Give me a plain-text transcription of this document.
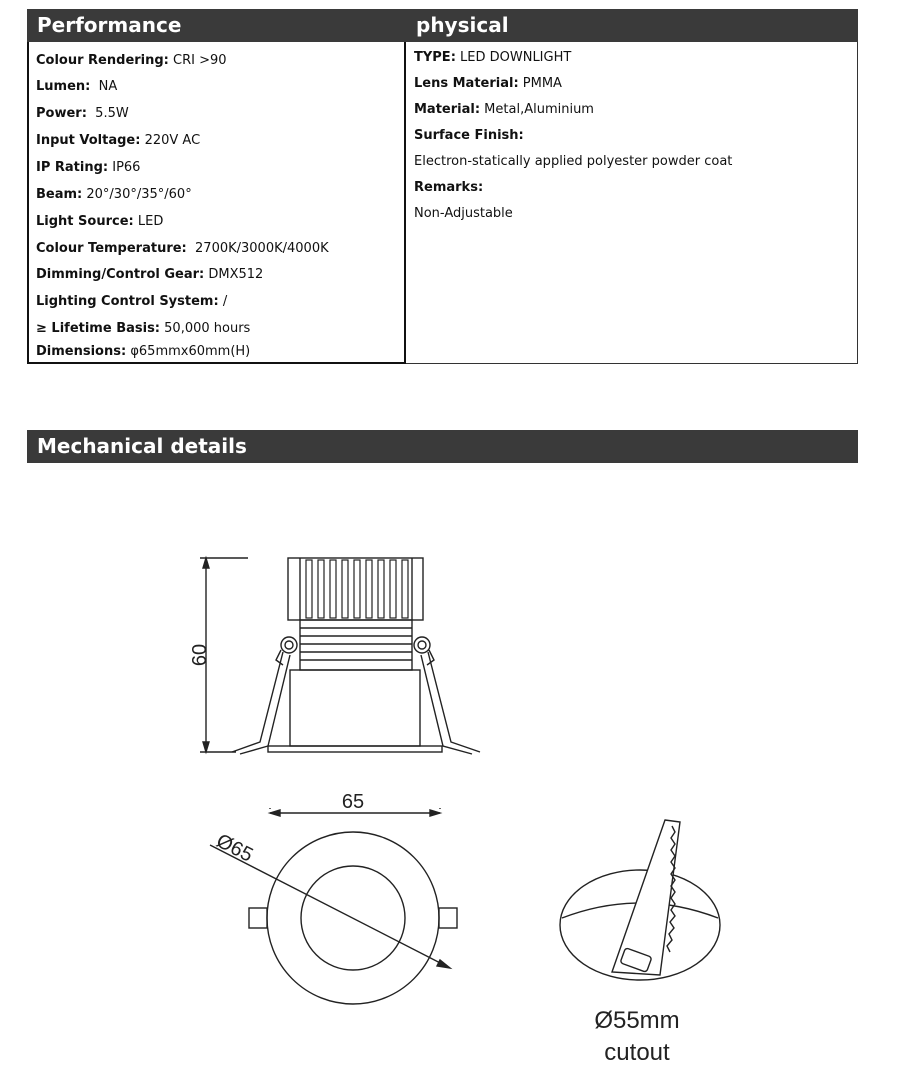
Performance	physical
Colour Rendering: CRI >90
Lumen:  NA
Power:  5.5W
Input Voltage: 220V AC
IP Rating: IP66
Beam: 20°/30°/35°/60°
Light Source: LED
Colour Temperature:  2700K/3000K/4000K
Dimming/Control Gear: DMX512
Lighting Control System: /
≥ Lifetime Basis: 50,000 hours
Dimensions: φ65mmx60mm(H)
TYPE: LED DOWNLIGHT
Lens Material: PMMA
Material: Metal,Aluminium
Surface Finish:
Electron-statically applied polyester powder coat
Remarks:
Non-Adjustable
Mechanical details
60
65
Ø65
Ø55mm
cutout
